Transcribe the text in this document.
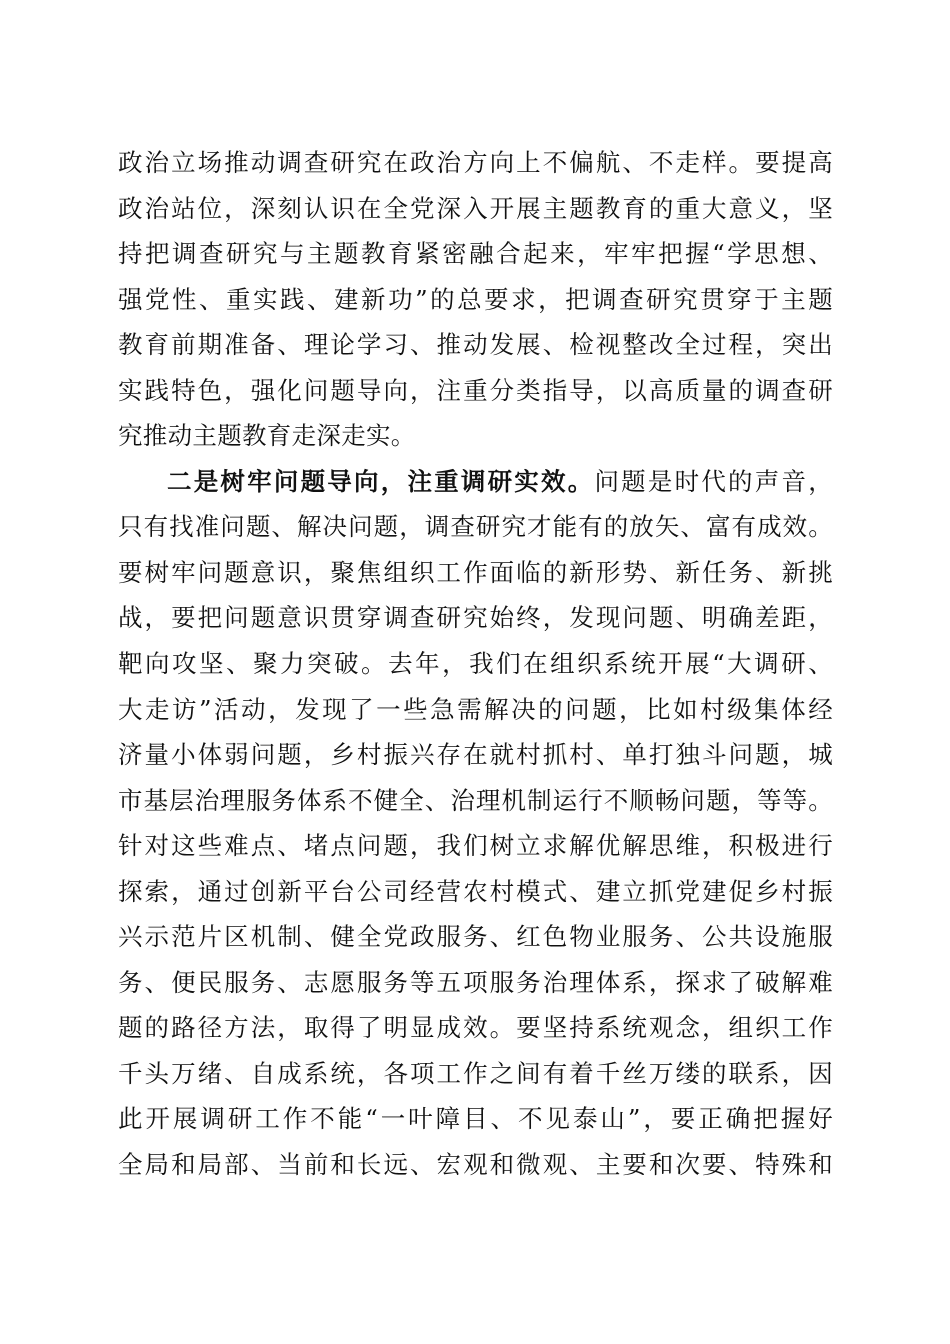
政治立场推动调查研究在政治方向上不偏航、不走样。要提高
政治站位，深刻认识在全党深入开展主题教育的重大意义，坚
持把调查研究与主题教育紧密融合起来，牢牢把握“学思想、
强党性、重实践、建新功”的总要求，把调查研究贯穿于主题
教育前期准备、理论学习、推动发展、检视整改全过程，突出
实践特色，强化问题导向，注重分类指导，以高质量的调查研
究推动主题教育走深走实。
二是树牢问题导向，注重调研实效。问题是时代的声音，
只有找准问题、解决问题，调查研究才能有的放矢、富有成效。
要树牢问题意识，聚焦组织工作面临的新形势、新任务、新挑
战，要把问题意识贯穿调查研究始终，发现问题、明确差距，
靶向攻坚、聚力突破。去年，我们在组织系统开展“大调研、
大走访”活动，发现了一些急需解决的问题，比如村级集体经
济量小体弱问题，乡村振兴存在就村抓村、单打独斗问题，城
市基层治理服务体系不健全、治理机制运行不顺畅问题，等等。
针对这些难点、堵点问题，我们树立求解优解思维，积极进行
探索，通过创新平台公司经营农村模式、建立抓党建促乡村振
兴示范片区机制、健全党政服务、红色物业服务、公共设施服
务、便民服务、志愿服务等五项服务治理体系，探求了破解难
题的路径方法，取得了明显成效。要坚持系统观念，组织工作
千头万绪、自成系统，各项工作之间有着千丝万缕的联系，因
此开展调研工作不能“一叶障目、不见泰山”，要正确把握好
全局和局部、当前和长远、宏观和微观、主要和次要、特殊和
